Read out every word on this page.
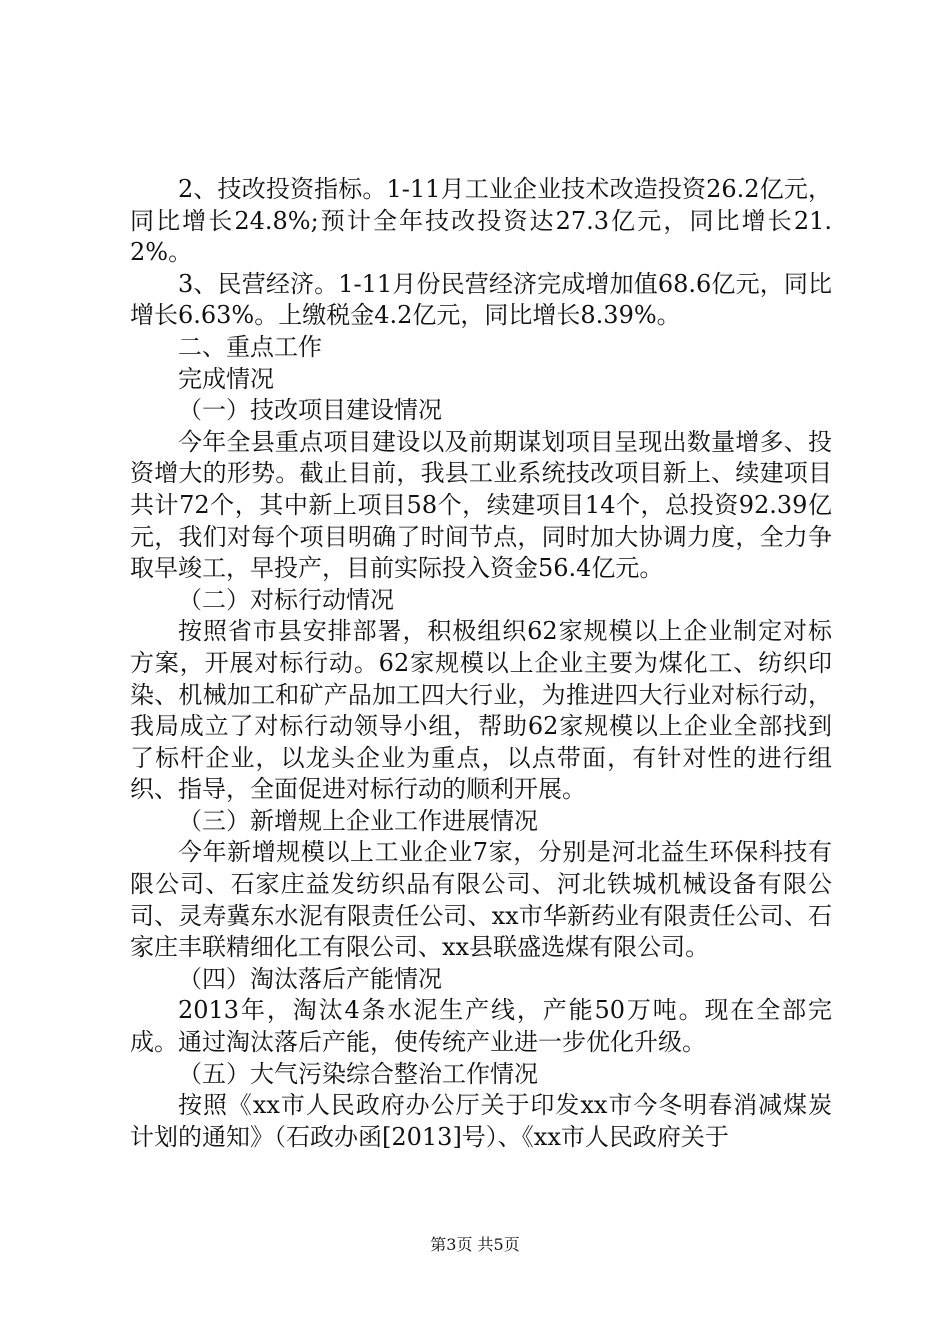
2、技改投资指标。1-11月工业企业技术改造投资26.2亿元，同比增长24.8%;预计全年技改投资达27.3亿元，同比增长21.2%。

3、民营经济。1-11月份民营经济完成增加值68.6亿元，同比增长6.63%。上缴税金4.2亿元，同比增长8.39%。

二、重点工作

完成情况

（一）技改项目建设情况

今年全县重点项目建设以及前期谋划项目呈现出数量增多、投资增大的形势。截止目前，我县工业系统技改项目新上、续建项目共计72个，其中新上项目58个，续建项目14个，总投资92.39亿元，我们对每个项目明确了时间节点，同时加大协调力度，全力争取早竣工，早投产，目前实际投入资金56.4亿元。

（二）对标行动情况

按照省市县安排部署，积极组织62家规模以上企业制定对标方案，开展对标行动。62家规模以上企业主要为煤化工、纺织印染、机械加工和矿产品加工四大行业，为推进四大行业对标行动，我局成立了对标行动领导小组，帮助62家规模以上企业全部找到了标杆企业，以龙头企业为重点，以点带面，有针对性的进行组织、指导，全面促进对标行动的顺利开展。

（三）新增规上企业工作进展情况

今年新增规模以上工业企业7家，分别是河北益生环保科技有限公司、石家庄益发纺织品有限公司、河北铁城机械设备有限公司、灵寿冀东水泥有限责任公司、xx市华新药业有限责任公司、石家庄丰联精细化工有限公司、xx县联盛选煤有限公司。

（四）淘汰落后产能情况

2013年，淘汰4条水泥生产线，产能50万吨。现在全部完成。通过淘汰落后产能，使传统产业进一步优化升级。

（五）大气污染综合整治工作情况

按照《xx市人民政府办公厅关于印发xx市今冬明春消减煤炭计划的通知》（石政办函[2013]号）、《xx市人民政府关于

第3页 共5页
